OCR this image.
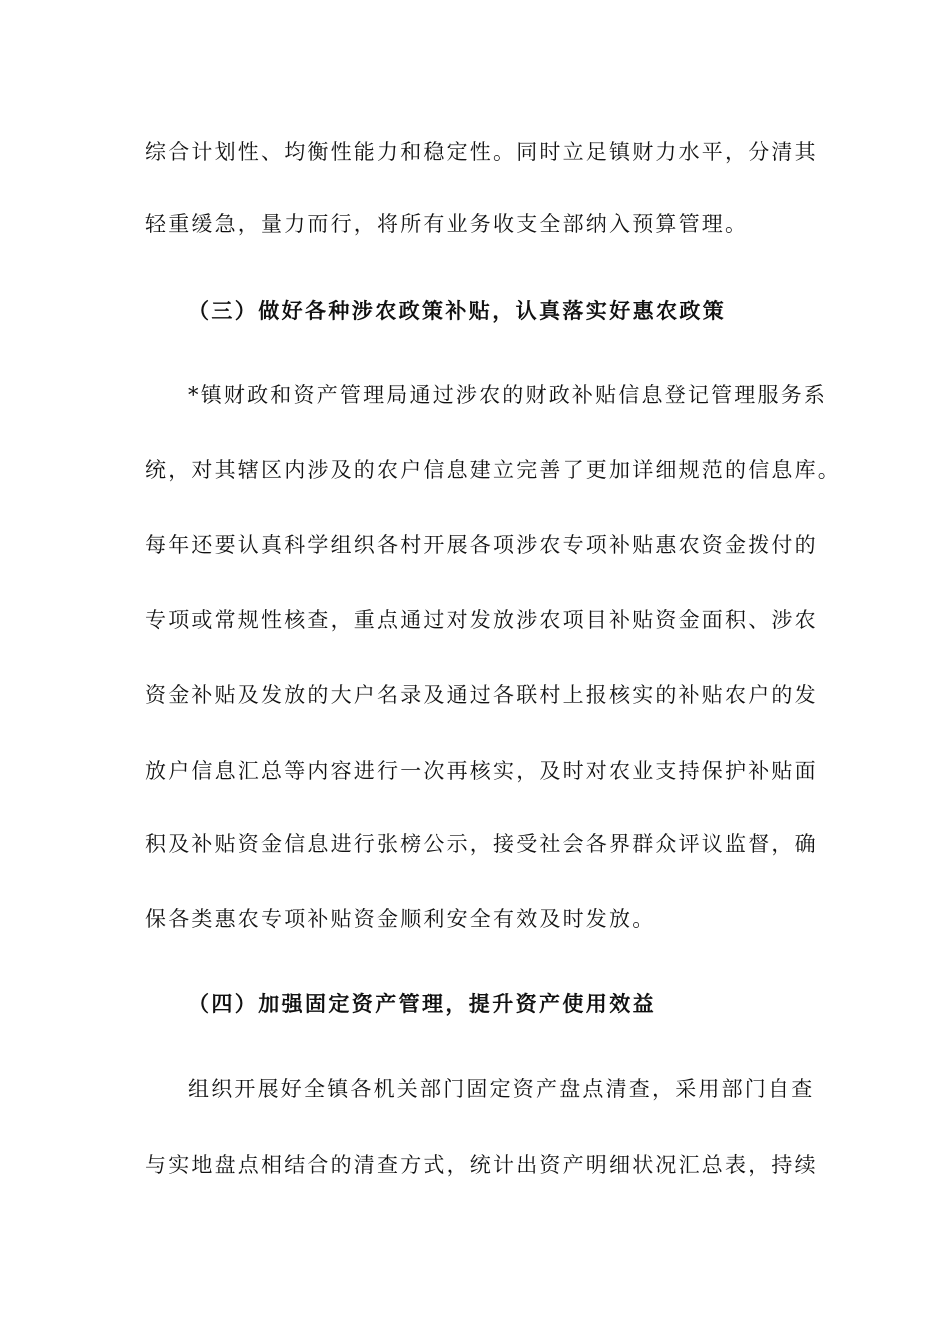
综合计划性、均衡性能力和稳定性。同时立足镇财力水平，分清其
轻重缓急，量力而行，将所有业务收支全部纳入预算管理。
（三）做好各种涉农政策补贴，认真落实好惠农政策
*镇财政和资产管理局通过涉农的财政补贴信息登记管理服务系
统，对其辖区内涉及的农户信息建立完善了更加详细规范的信息库。
每年还要认真科学组织各村开展各项涉农专项补贴惠农资金拨付的
专项或常规性核查，重点通过对发放涉农项目补贴资金面积、涉农
资金补贴及发放的大户名录及通过各联村上报核实的补贴农户的发
放户信息汇总等内容进行一次再核实，及时对农业支持保护补贴面
积及补贴资金信息进行张榜公示，接受社会各界群众评议监督，确
保各类惠农专项补贴资金顺利安全有效及时发放。
（四）加强固定资产管理，提升资产使用效益
组织开展好全镇各机关部门固定资产盘点清查，采用部门自查
与实地盘点相结合的清查方式，统计出资产明细状况汇总表，持续
